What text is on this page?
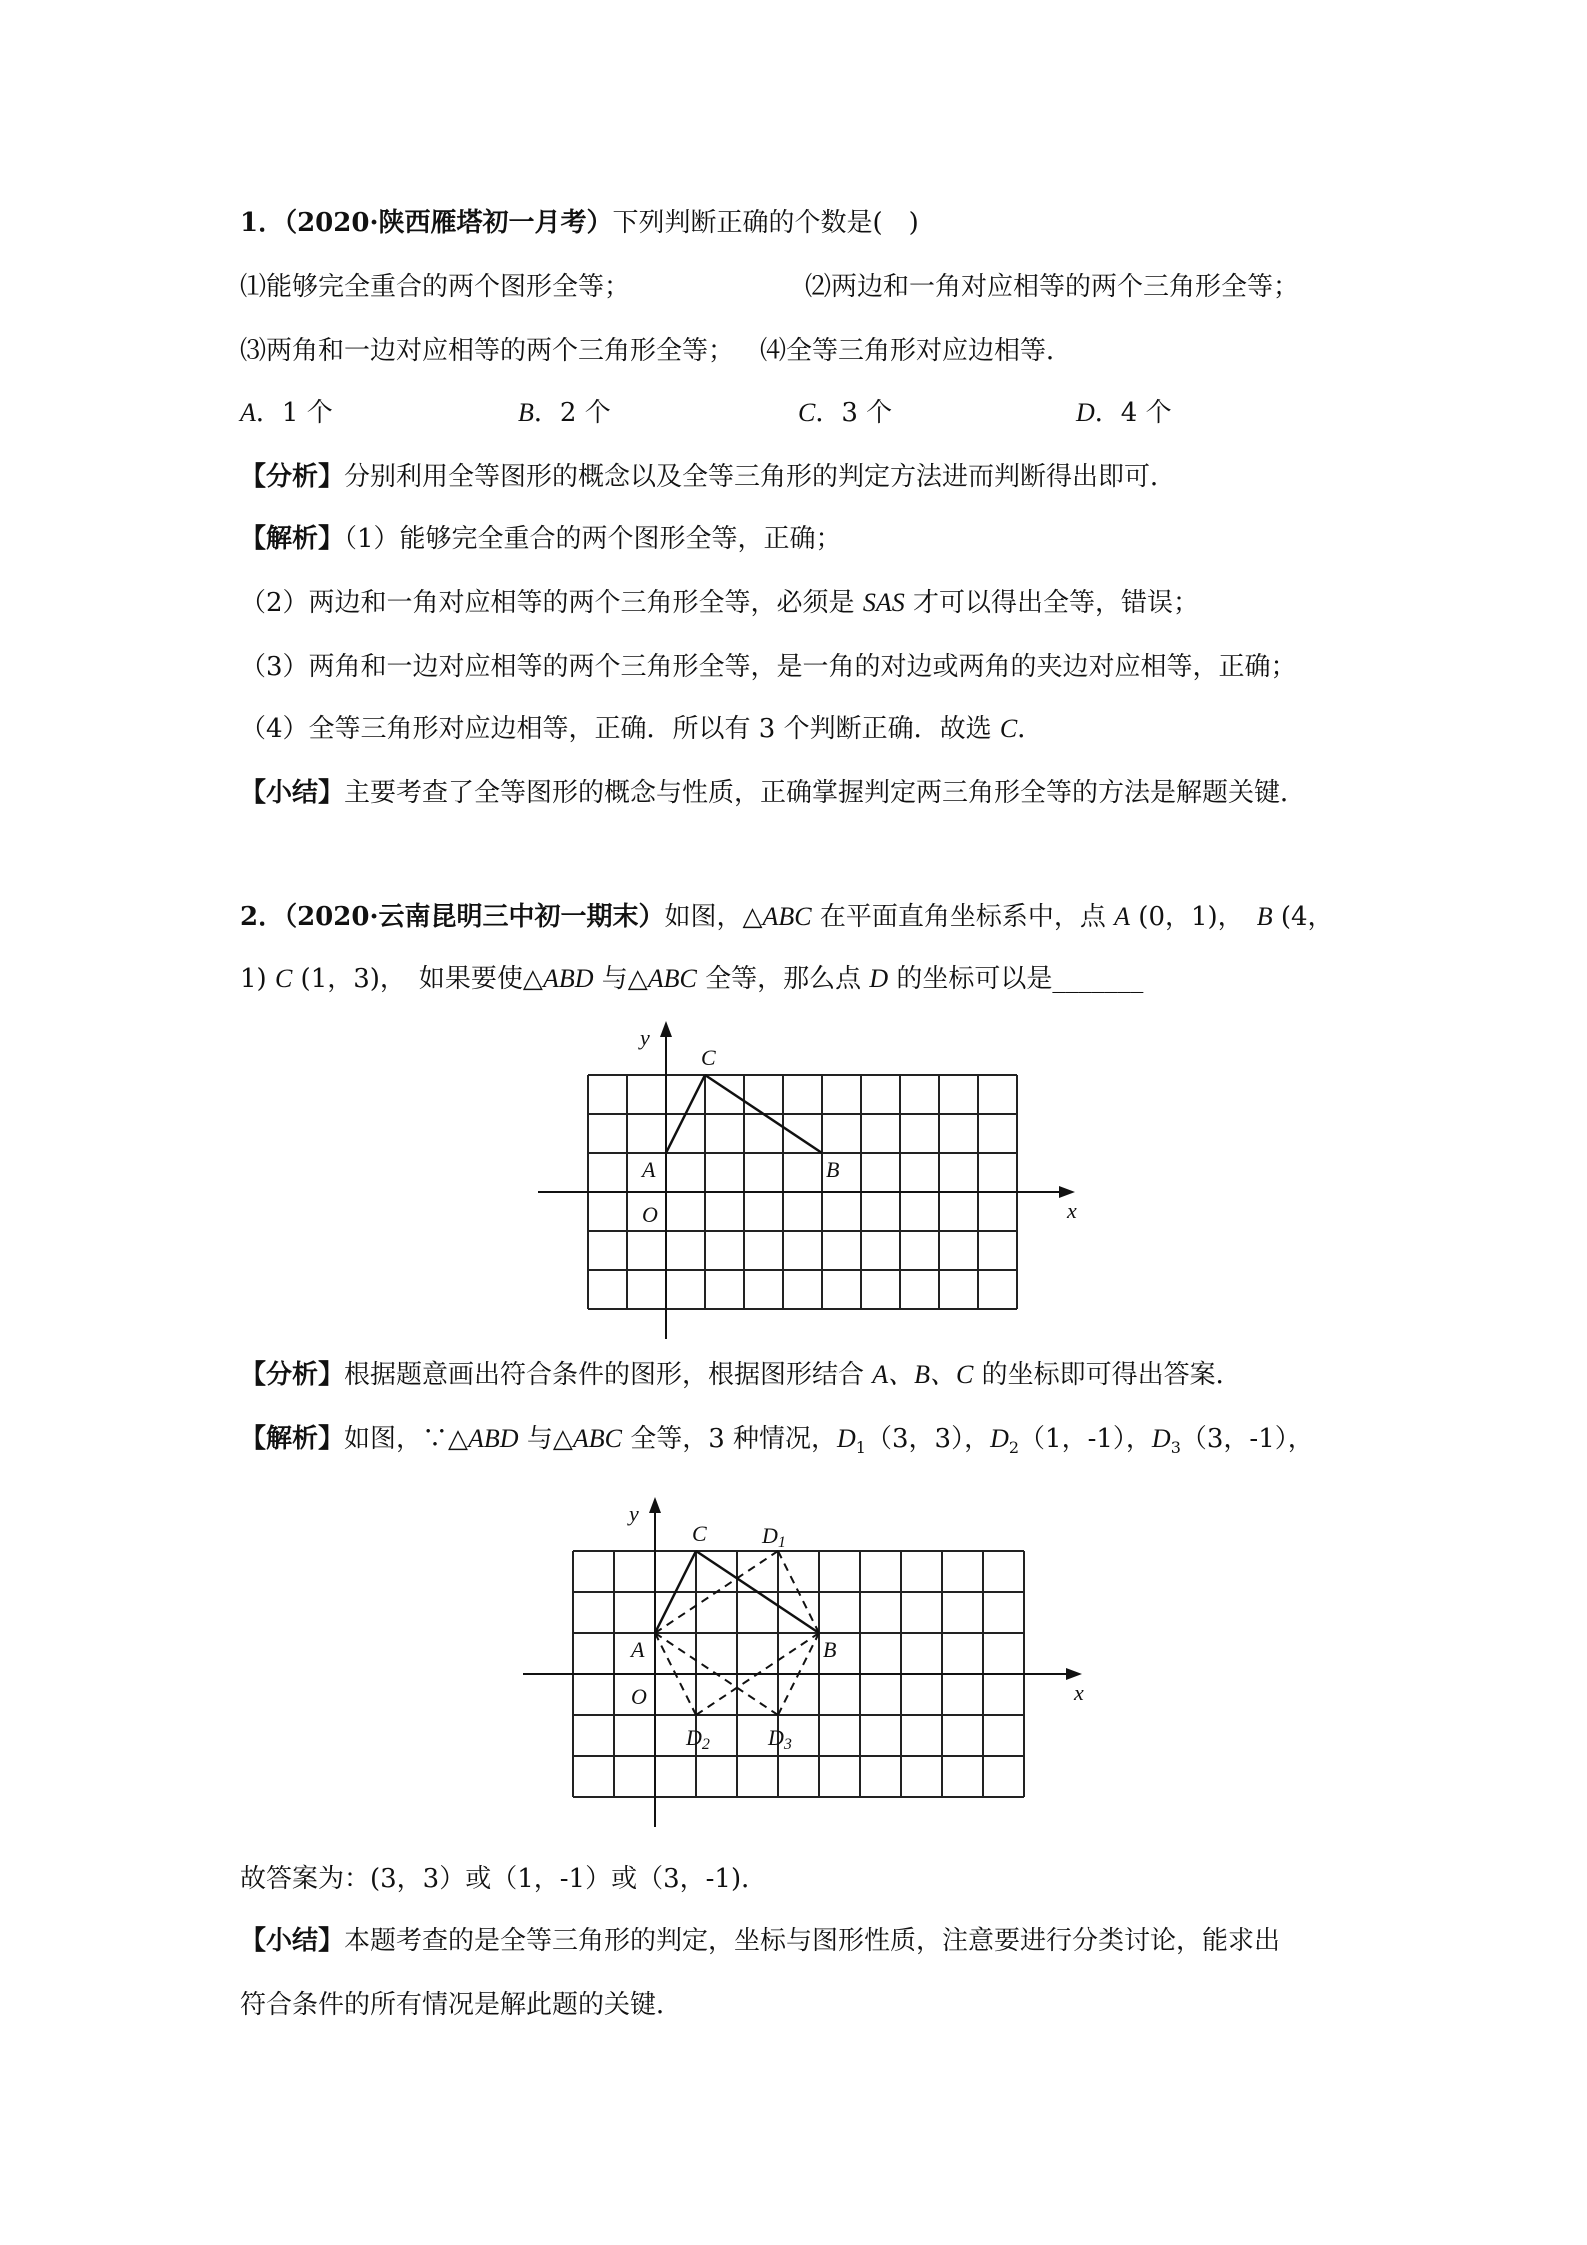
1．（2020·陕西雁塔初一月考）下列判断正确的个数是(　)
⑴能够完全重合的两个图形全等；	⑵两边和一角对应相等的两个三角形全等；
⑶两角和一边对应相等的两个三角形全等； ⑷全等三角形对应边相等．
A．1 个	B．2 个	C．3 个	D．4 个
【分析】分别利用全等图形的概念以及全等三角形的判定方法进而判断得出即可．
【解析】（1）能够完全重合的两个图形全等，正确；
（2）两边和一角对应相等的两个三角形全等，必须是 SAS 才可以得出全等，错误；
（3）两角和一边对应相等的两个三角形全等，是一角的对边或两角的夹边对应相等，正确；
（4）全等三角形对应边相等，正确．所以有 3 个判断正确．故选 C．
【小结】主要考查了全等图形的概念与性质，正确掌握判定两三角形全等的方法是解题关键．
2．（2020·云南昆明三中初一期末）如图，△ABC 在平面直角坐标系中，点 A (0，1)，　B (4，
1) C (1，3)，　如果要使△ABD 与△ABC 全等，那么点 D 的坐标可以是_______
y
x
O
A	B
C
【分析】根据题意画出符合条件的图形，根据图形结合 A、B、C 的坐标即可得出答案．
【解析】如图，∵△ABD 与△ABC 全等，3 种情况，$D_1(3$，3），$D_2(1$，-1），$D_3(3$，-1），
y
x
O
A	B
C	D1
D2	D3
故答案为：(3，3）或（1，-1）或（3，-1)．
【小结】本题考查的是全等三角形的判定，坐标与图形性质，注意要进行分类讨论，能求出
符合条件的所有情况是解此题的关键．
